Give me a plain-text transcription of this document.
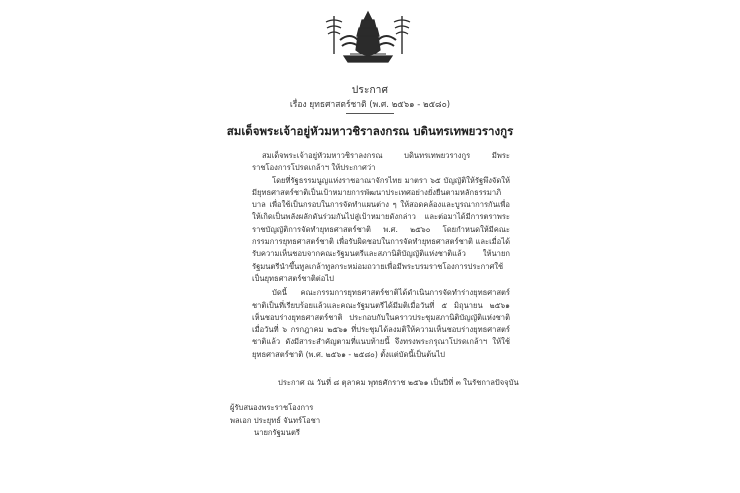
ประกาศ
เรื่อง ยุทธศาสตร์ชาติ (พ.ศ. ๒๕๖๑ - ๒๕๘๐)
สมเด็จพระเจ้าอยู่หัวมหาวชิราลงกรณ บดินทรเทพยวรางกูร

สมเด็จพระเจ้าอยู่หัวมหาวชิราลงกรณ บดินทรเทพยวรางกูร มีพระราชโองการโปรดเกล้าฯ ให้ประกาศว่า

โดยที่รัฐธรรมนูญแห่งราชอาณาจักรไทย มาตรา ๖๕ บัญญัติให้รัฐพึงจัดให้มียุทธศาสตร์ชาติเป็นเป้าหมายการพัฒนาประเทศอย่างยั่งยืนตามหลักธรรมาภิบาล เพื่อใช้เป็นกรอบในการจัดทำแผนต่าง ๆ ให้สอดคล้องและบูรณาการกันเพื่อให้เกิดเป็นพลังผลักดันร่วมกันไปสู่เป้าหมายดังกล่าว และต่อมาได้มีการตราพระราชบัญญัติการจัดทำยุทธศาสตร์ชาติ พ.ศ. ๒๕๖๐ โดยกำหนดให้มีคณะกรรมการยุทธศาสตร์ชาติ เพื่อรับผิดชอบในการจัดทำยุทธศาสตร์ชาติ และเมื่อได้รับความเห็นชอบจากคณะรัฐมนตรีและสภานิติบัญญัติแห่งชาติแล้ว ให้นายกรัฐมนตรีนำขึ้นทูลเกล้าทูลกระหม่อมถวายเพื่อมีพระบรมราชโองการประกาศใช้เป็นยุทธศาสตร์ชาติต่อไป

บัดนี้ คณะกรรมการยุทธศาสตร์ชาติได้ดำเนินการจัดทำร่างยุทธศาสตร์ชาติเป็นที่เรียบร้อยแล้วและคณะรัฐมนตรีได้มีมติเมื่อวันที่ ๕ มิถุนายน ๒๕๖๑ เห็นชอบร่างยุทธศาสตร์ชาติ ประกอบกับในคราวประชุมสภานิติบัญญัติแห่งชาติเมื่อวันที่ ๖ กรกฎาคม ๒๕๖๑ ที่ประชุมได้ลงมติให้ความเห็นชอบร่างยุทธศาสตร์ชาติแล้ว ดังมีสาระสำคัญตามที่แนบท้ายนี้ จึงทรงพระกรุณาโปรดเกล้าฯ ให้ใช้ยุทธศาสตร์ชาติ (พ.ศ. ๒๕๖๑ - ๒๕๘๐) ตั้งแต่บัดนี้เป็นต้นไป

ประกาศ ณ วันที่ ๘ ตุลาคม พุทธศักราช ๒๕๖๑ เป็นปีที่ ๓ ในรัชกาลปัจจุบัน
ผู้รับสนองพระราชโองการ
พลเอก ประยุทธ์ จันทร์โอชา
นายกรัฐมนตรี
